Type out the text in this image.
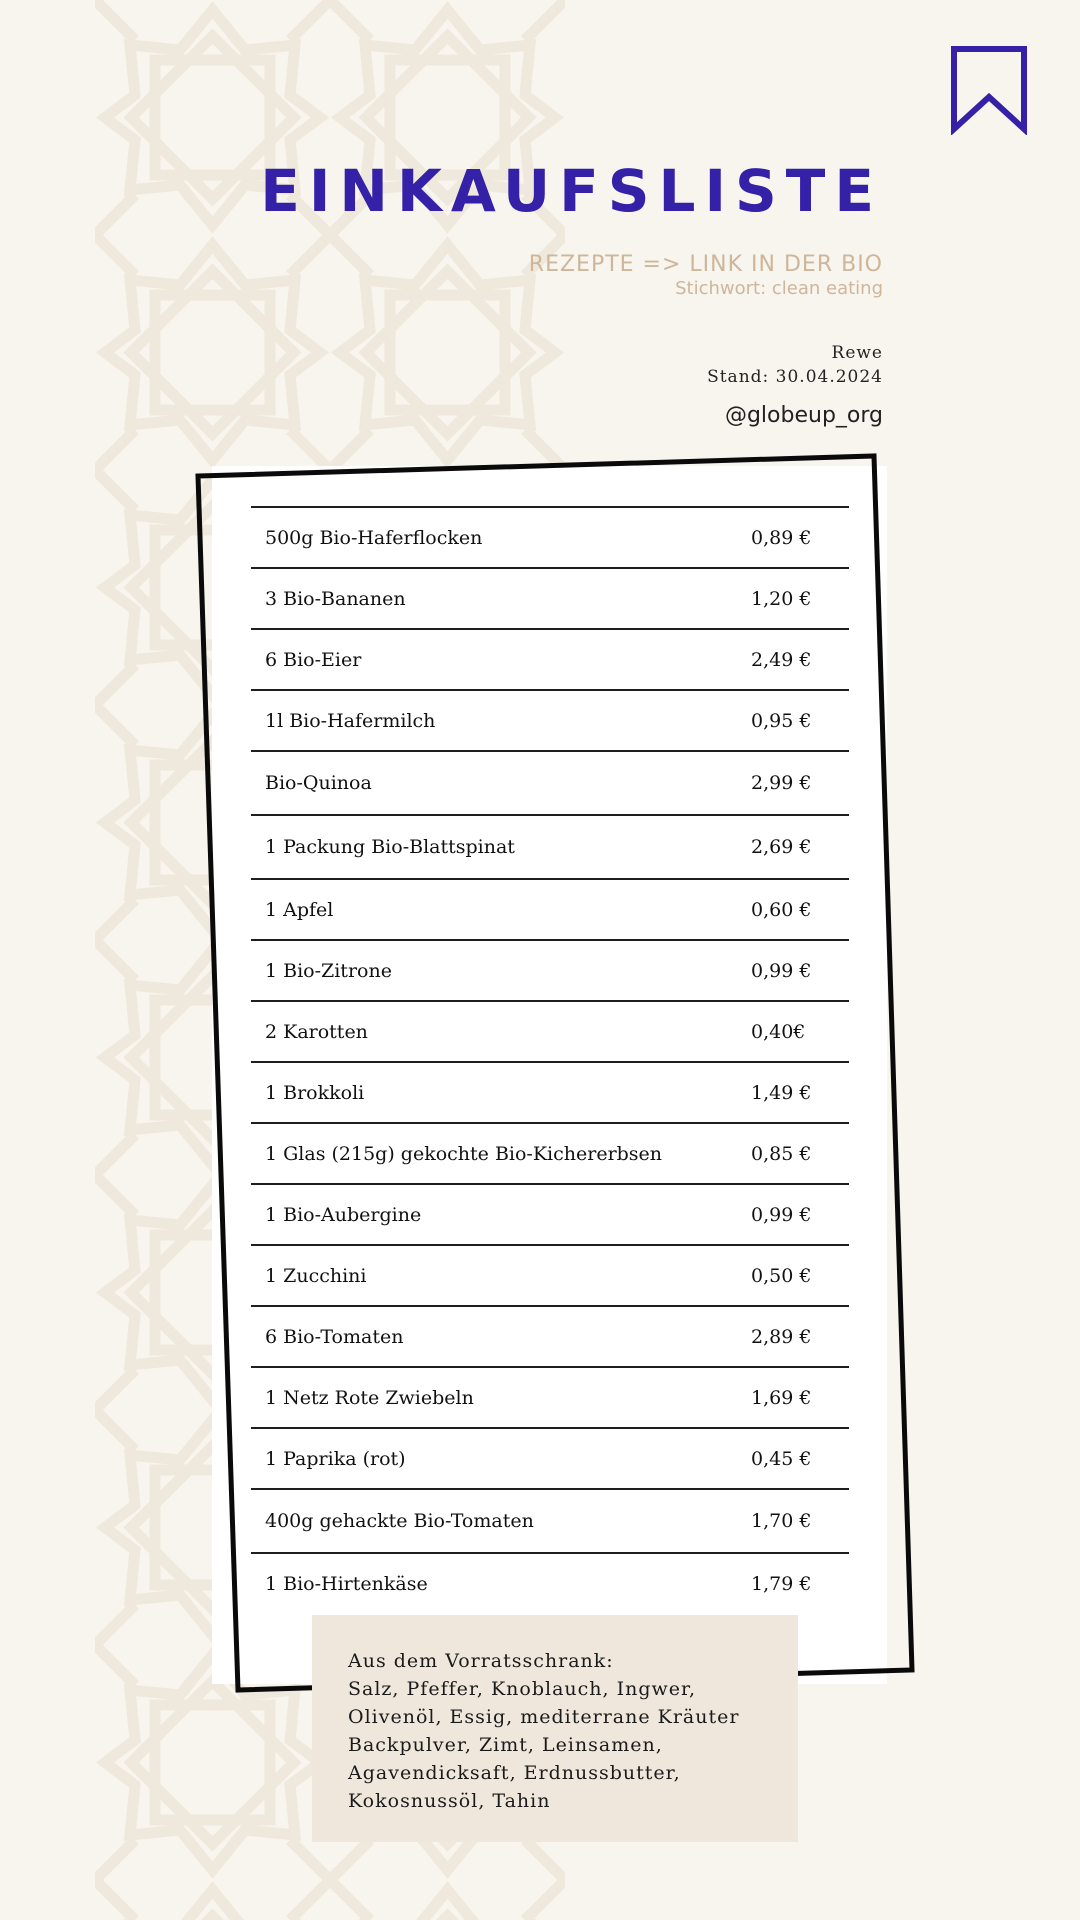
EINKAUFSLISTE
REZEPTE => LINK IN DER BIO
Stichwort: clean eating
Rewe
Stand: 30.04.2024
@globeup_org
500g Bio-Haferflocken	0,89 €
3 Bio-Bananen	1,20 €
6 Bio-Eier	2,49 €
1l Bio-Hafermilch	0,95 €
Bio-Quinoa	2,99 €
1 Packung Bio-Blattspinat	2,69 €
1 Apfel	0,60 €
1 Bio-Zitrone	0,99 €
2 Karotten	0,40€
1 Brokkoli	1,49 €
1 Glas (215g) gekochte Bio-Kichererbsen	0,85 €
1 Bio-Aubergine	0,99 €
1 Zucchini	0,50 €
6 Bio-Tomaten	2,89 €
1 Netz Rote Zwiebeln	1,69 €
1 Paprika (rot)	0,45 €
400g gehackte Bio-Tomaten	1,70 €
1 Bio-Hirtenkäse	1,79 €
Aus dem Vorratsschrank:
Salz, Pfeffer, Knoblauch, Ingwer,
Olivenöl, Essig, mediterrane Kräuter
Backpulver, Zimt, Leinsamen,
Agavendicksaft, Erdnussbutter,
Kokosnussöl, Tahin
